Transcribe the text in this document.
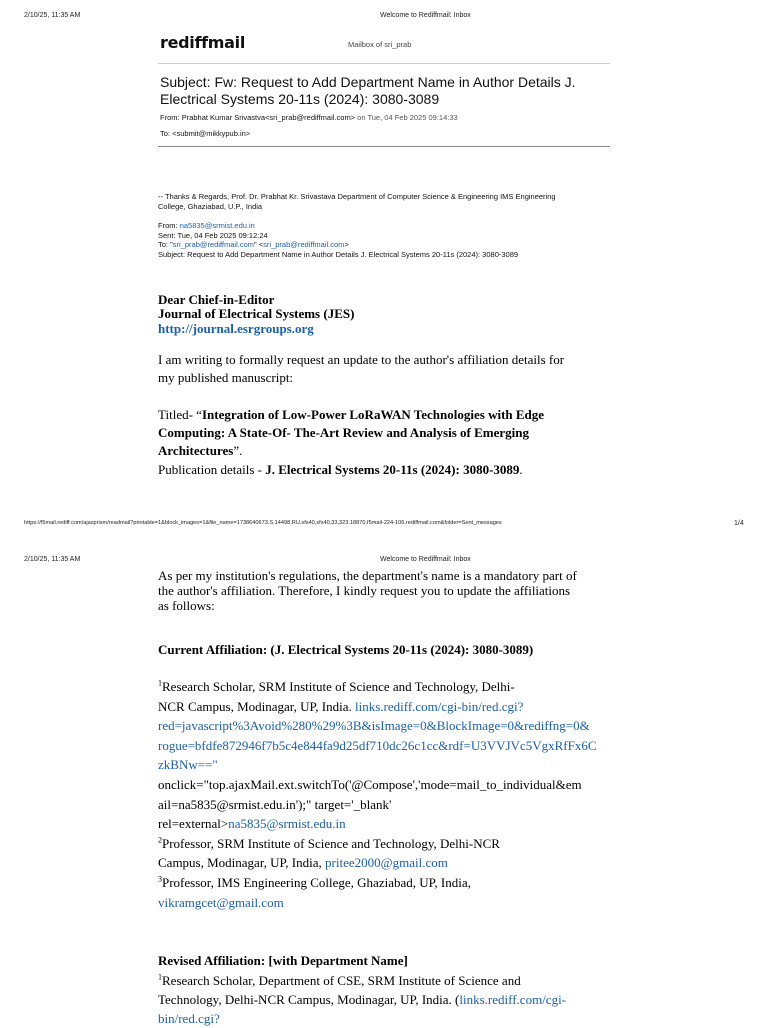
2/10/25, 11:35 AM	Welcome to Rediffmail: Inbox
rediffmail	Mailbox of sri_prab
Subject: Fw: Request to Add Department Name in Author Details J.
Electrical Systems 20-11s (2024): 3080-3089
From: Prabhat Kumar Srivastva<sri_prab@rediffmail.com> on Tue, 04 Feb 2025 09:14:33
To: <submit@mikkypub.in>
-- Thanks & Regards, Prof. Dr. Prabhat Kr. Srivastava Department of Computer Science & Engineering IMS Engineering
College, Ghaziabad, U.P., India
From: na5835@srmist.edu.in
Sent: Tue, 04 Feb 2025 09:12:24
To: "sri_prab@rediffmail.com" <sri_prab@rediffmail.com>
Subject: Request to Add Department Name in Author Details J. Electrical Systems 20-11s (2024): 3080-3089
Dear Chief-in-Editor
Journal of Electrical Systems (JES)
http://journal.esrgroups.org
I am writing to formally request an update to the author's affiliation details for
my published manuscript:
Titled- “Integration of Low-Power LoRaWAN Technologies with Edge
Computing: A State-Of- The-Art Review and Analysis of Emerging
Architectures”.
Publication details - J. Electrical Systems 20-11s (2024): 3080-3089.
https://f5mail.rediff.com/ajaxprism/readmail?printable=1&block_images=1&file_name=1738640673.S.14498.RU.sfs40,sfs40,33,323.18870.f5mail-224-106.rediffmail.com&folder=Sent_messages	1/4
2/10/25, 11:35 AM	Welcome to Rediffmail: Inbox
As per my institution's regulations, the department's name is a mandatory part of
the author's affiliation. Therefore, I kindly request you to update the affiliations
as follows:
Current Affiliation: (J. Electrical Systems 20-11s (2024): 3080-3089)
$^1$Research Scholar, SRM Institute of Science and Technology, Delhi-
NCR Campus, Modinagar, UP, India. links.rediff.com/cgi-bin/red.cgi?
red=javascript%3Avoid%280%29%3B&isImage=0&BlockImage=0&rediffng=0&
rogue=bfdfe872946f7b5c4e844fa9d25df710dc26c1cc&rdf=U3VVJVc5VgxRfFx6C
zkBNw=="
onclick="top.ajaxMail.ext.switchTo('@Compose','mode=mail_to_individual&em
ail=na5835@srmist.edu.in');" target='_blank'
rel=external>na5835@srmist.edu.in
$^2$Professor, SRM Institute of Science and Technology, Delhi-NCR
Campus, Modinagar, UP, India, pritee2000@gmail.com
$^3$Professor, IMS Engineering College, Ghaziabad, UP, India,
vikramgcet@gmail.com
Revised Affiliation: [with Department Name]
$^1$Research Scholar, Department of CSE, SRM Institute of Science and
Technology, Delhi-NCR Campus, Modinagar, UP, India. (links.rediff.com/cgi-
bin/red.cgi?
